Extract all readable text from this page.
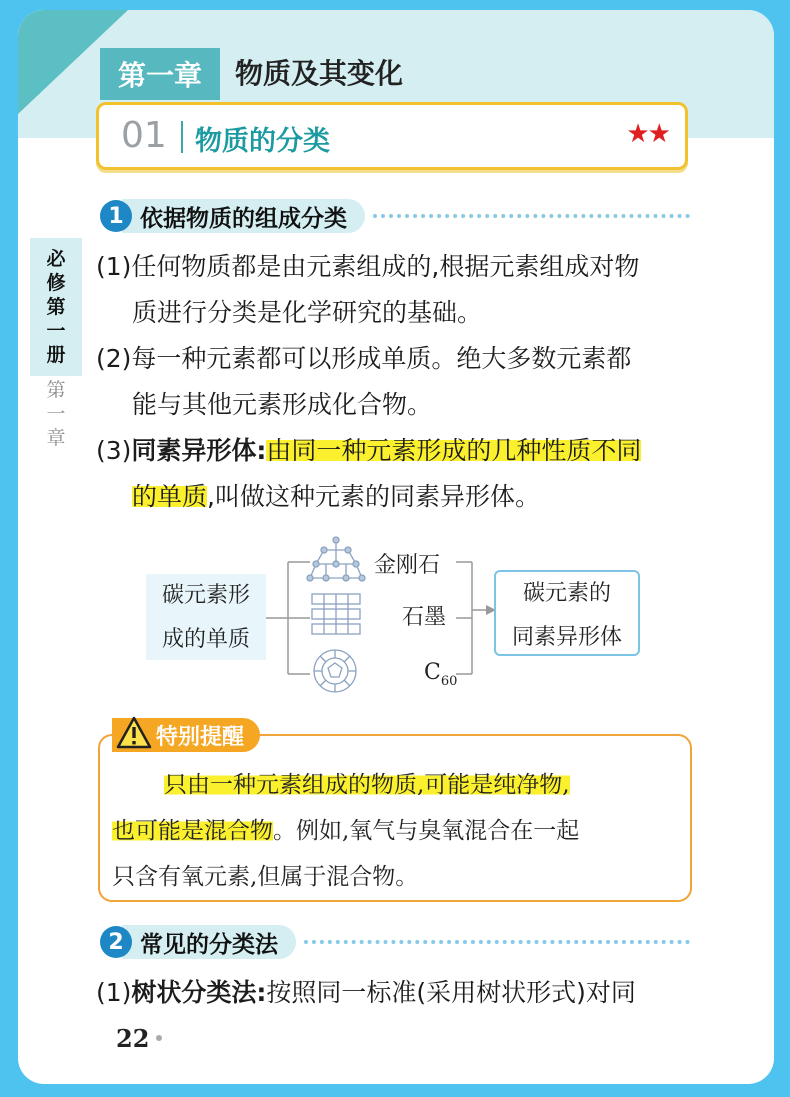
第一章	物质及其变化
01 物质的分类	★★
必
修
第
一
册
第
一
章
1 依据物质的组成分类
(1)任何物质都是由元素组成的,根据元素组成对物
质进行分类是化学研究的基础。
(2)每一种元素都可以形成单质。绝大多数元素都
能与其他元素形成化合物。
(3)同素异形体:由同一种元素形成的几种性质不同
的单质,叫做这种元素的同素异形体。
碳元素形
成的单质
金刚石
石墨
$C_{60}$
碳元素的
同素异形体
特别提醒
只由一种元素组成的物质,可能是纯净物,
也可能是混合物。例如,氧气与臭氧混合在一起
只含有氧元素,但属于混合物。
2 常见的分类法
(1)树状分类法:按照同一标准(采用树状形式)对同
22
